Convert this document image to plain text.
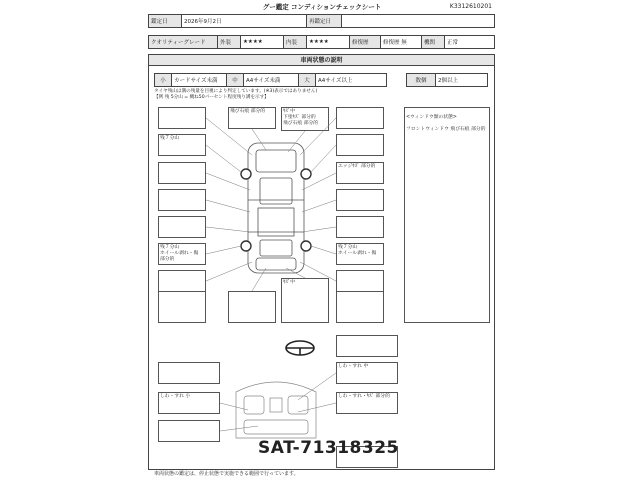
グー鑑定 コンディションチェックシート	K3312610201
鑑定日	2026年9月2日	再鑑定日	
クオリティーグレード	外装	★★★★	内装	★★★★	修復歴	修復歴 無	機関	正常
車両状態の説明
小	カードサイズ未満	中	A4サイズ未満	大	A4サイズ以上	数個	2個以上
タイヤ残山は溝の残量を目視により判定しています。(※3)表示ではありません)
【例 残 5分山 = 概ね50パーセント程度残り溝を示す】
飛び石痕 部分的	ｷｽﾞ中
下塗ｷｽﾞ 部分的
飛び石痕 部分的
残７分山
エッジｷｽﾞ 部分的
残７分山
ホイール剥れ・傷 部分的
残７分山
ホイール剥れ・傷
ｷｽﾞ中

<ウィンドウ類の状態>

フロントウィンドウ 飛び石痕 部分的

しわ・すれ 中
しわ・すれ 小	しわ・すれ・ｷｽﾞ 部分的
SAT-71318325
車両状態の鑑定は、停止状態で実施できる範囲で行っています。
